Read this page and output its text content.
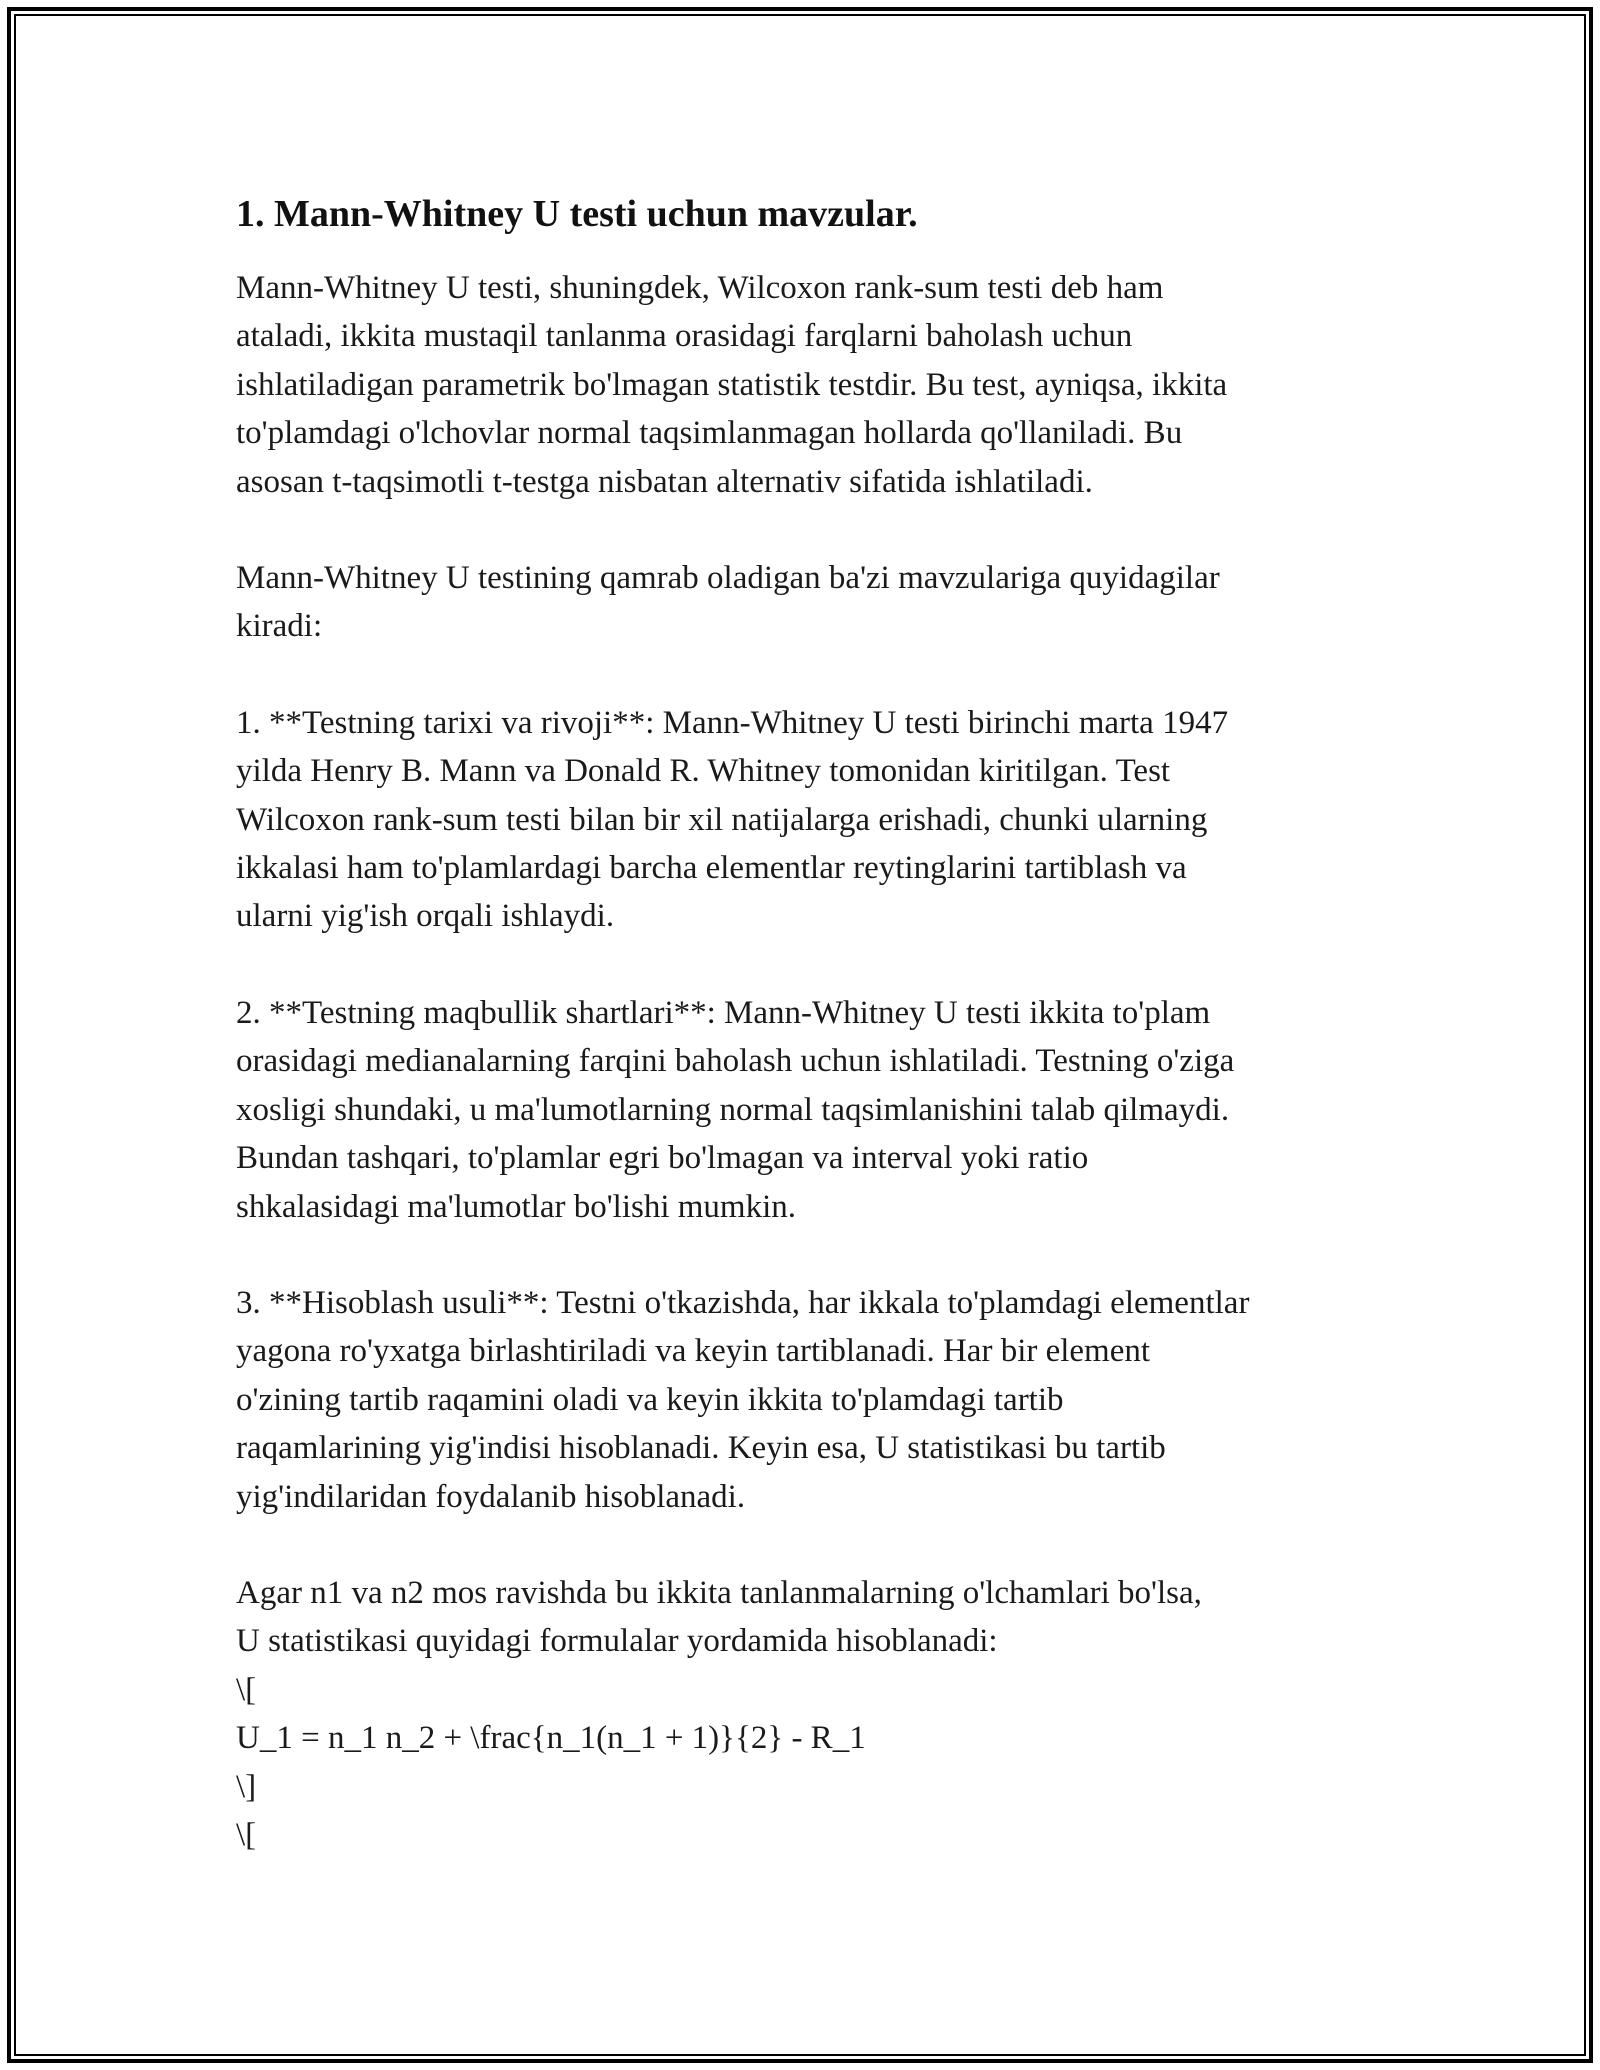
1. Mann-Whitney U testi uchun mavzular.

Mann-Whitney U testi, shuningdek, Wilcoxon rank-sum testi deb ham
ataladi, ikkita mustaqil tanlanma orasidagi farqlarni baholash uchun
ishlatiladigan parametrik bo'lmagan statistik testdir. Bu test, ayniqsa, ikkita
to'plamdagi o'lchovlar normal taqsimlanmagan hollarda qo'llaniladi. Bu
asosan t-taqsimotli t-testga nisbatan alternativ sifatida ishlatiladi.

Mann-Whitney U testining qamrab oladigan ba'zi mavzulariga quyidagilar
kiradi:

1. **Testning tarixi va rivoji**: Mann-Whitney U testi birinchi marta 1947
yilda Henry B. Mann va Donald R. Whitney tomonidan kiritilgan. Test
Wilcoxon rank-sum testi bilan bir xil natijalarga erishadi, chunki ularning
ikkalasi ham to'plamlardagi barcha elementlar reytinglarini tartiblash va
ularni yig'ish orqali ishlaydi.

2. **Testning maqbullik shartlari**: Mann-Whitney U testi ikkita to'plam
orasidagi medianalarning farqini baholash uchun ishlatiladi. Testning o'ziga
xosligi shundaki, u ma'lumotlarning normal taqsimlanishini talab qilmaydi.
Bundan tashqari, to'plamlar egri bo'lmagan va interval yoki ratio
shkalasidagi ma'lumotlar bo'lishi mumkin.

3. **Hisoblash usuli**: Testni o'tkazishda, har ikkala to'plamdagi elementlar
yagona ro'yxatga birlashtiriladi va keyin tartiblanadi. Har bir element
o'zining tartib raqamini oladi va keyin ikkita to'plamdagi tartib
raqamlarining yig'indisi hisoblanadi. Keyin esa, U statistikasi bu tartib
yig'indilaridan foydalanib hisoblanadi.

Agar n1 va n2 mos ravishda bu ikkita tanlanmalarning o'lchamlari bo'lsa,
U statistikasi quyidagi formulalar yordamida hisoblanadi:
\[
U_1 = n_1 n_2 + \frac{n_1(n_1 + 1)}{2} - R_1
\]
\[
